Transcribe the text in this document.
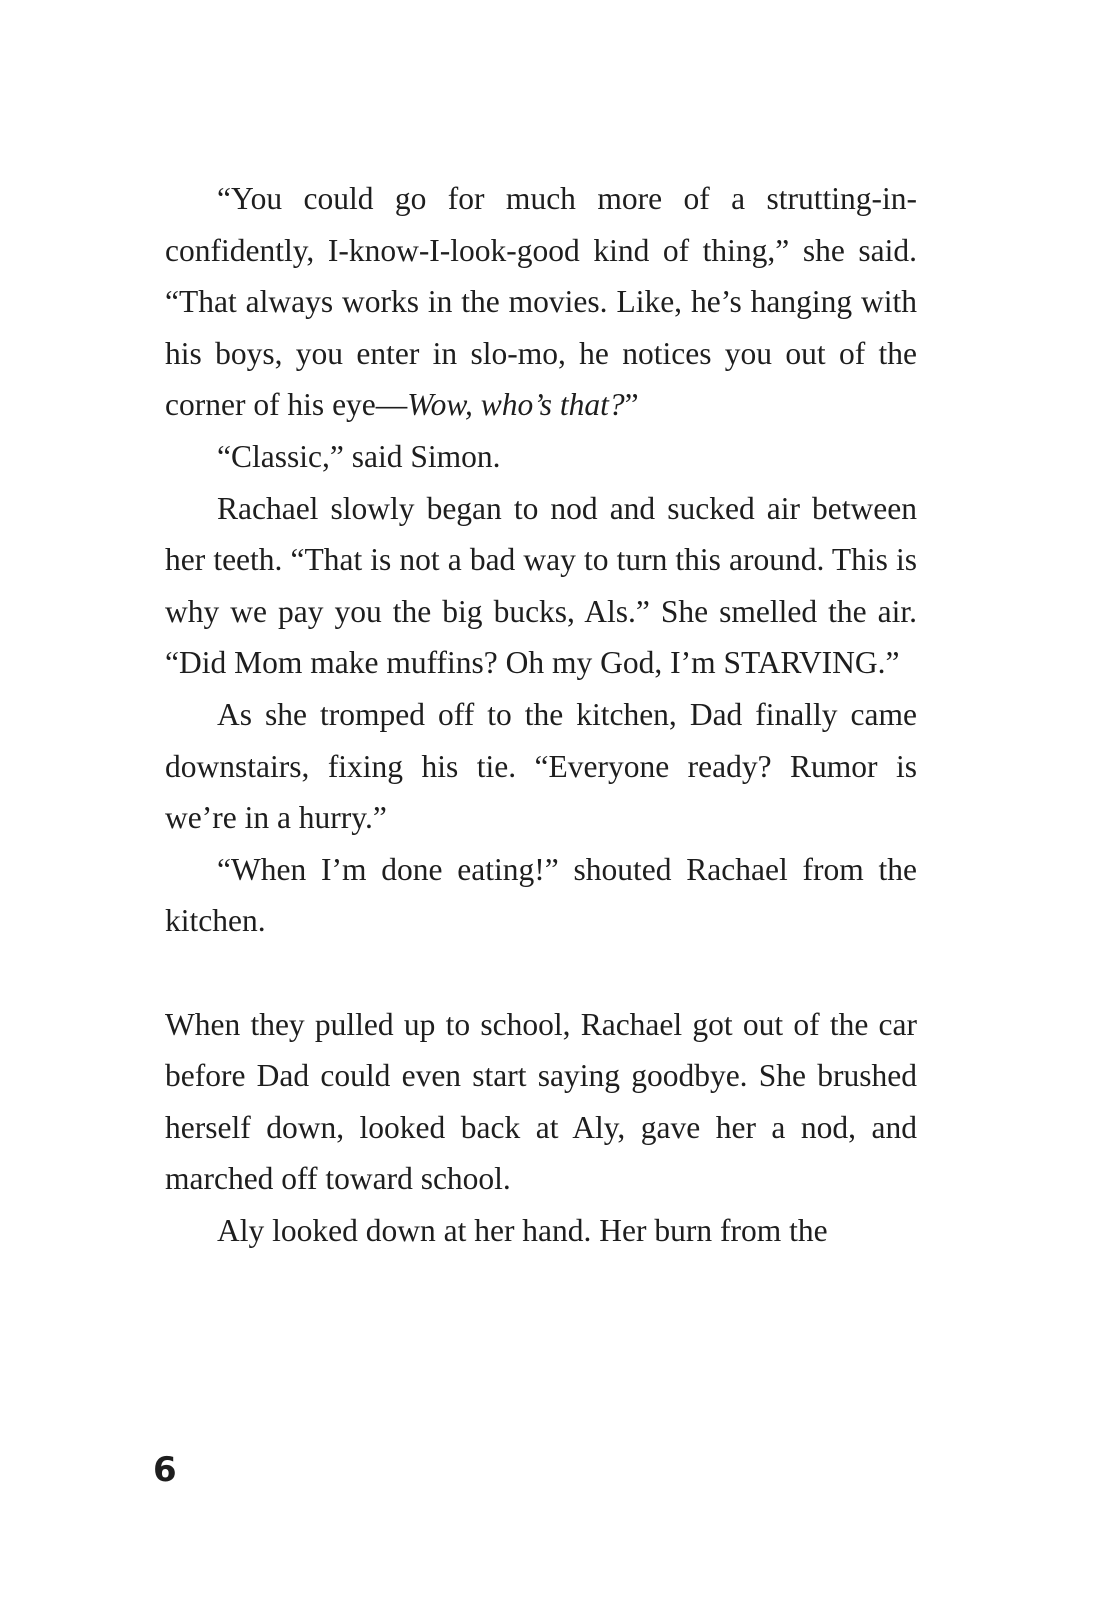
“You could go for much more of a strutting-in-confidently, I-know-I-look-good kind of thing,” she said. “That always works in the movies. Like, he’s hanging with his boys, you enter in slo-mo, he notices you out of the corner of his eye—Wow, who’s that?”

“Classic,” said Simon.

Rachael slowly began to nod and sucked air between her teeth. “That is not a bad way to turn this around. This is why we pay you the big bucks, Als.” She smelled the air. “Did Mom make muffins? Oh my God, I’m STARVING.”

As she tromped off to the kitchen, Dad finally came downstairs, fixing his tie. “Everyone ready? Rumor is we’re in a hurry.”

“When I’m done eating!” shouted Rachael from the kitchen.

When they pulled up to school, Rachael got out of the car before Dad could even start saying goodbye. She brushed herself down, looked back at Aly, gave her a nod, and marched off toward school.

Aly looked down at her hand. Her burn from the

6
